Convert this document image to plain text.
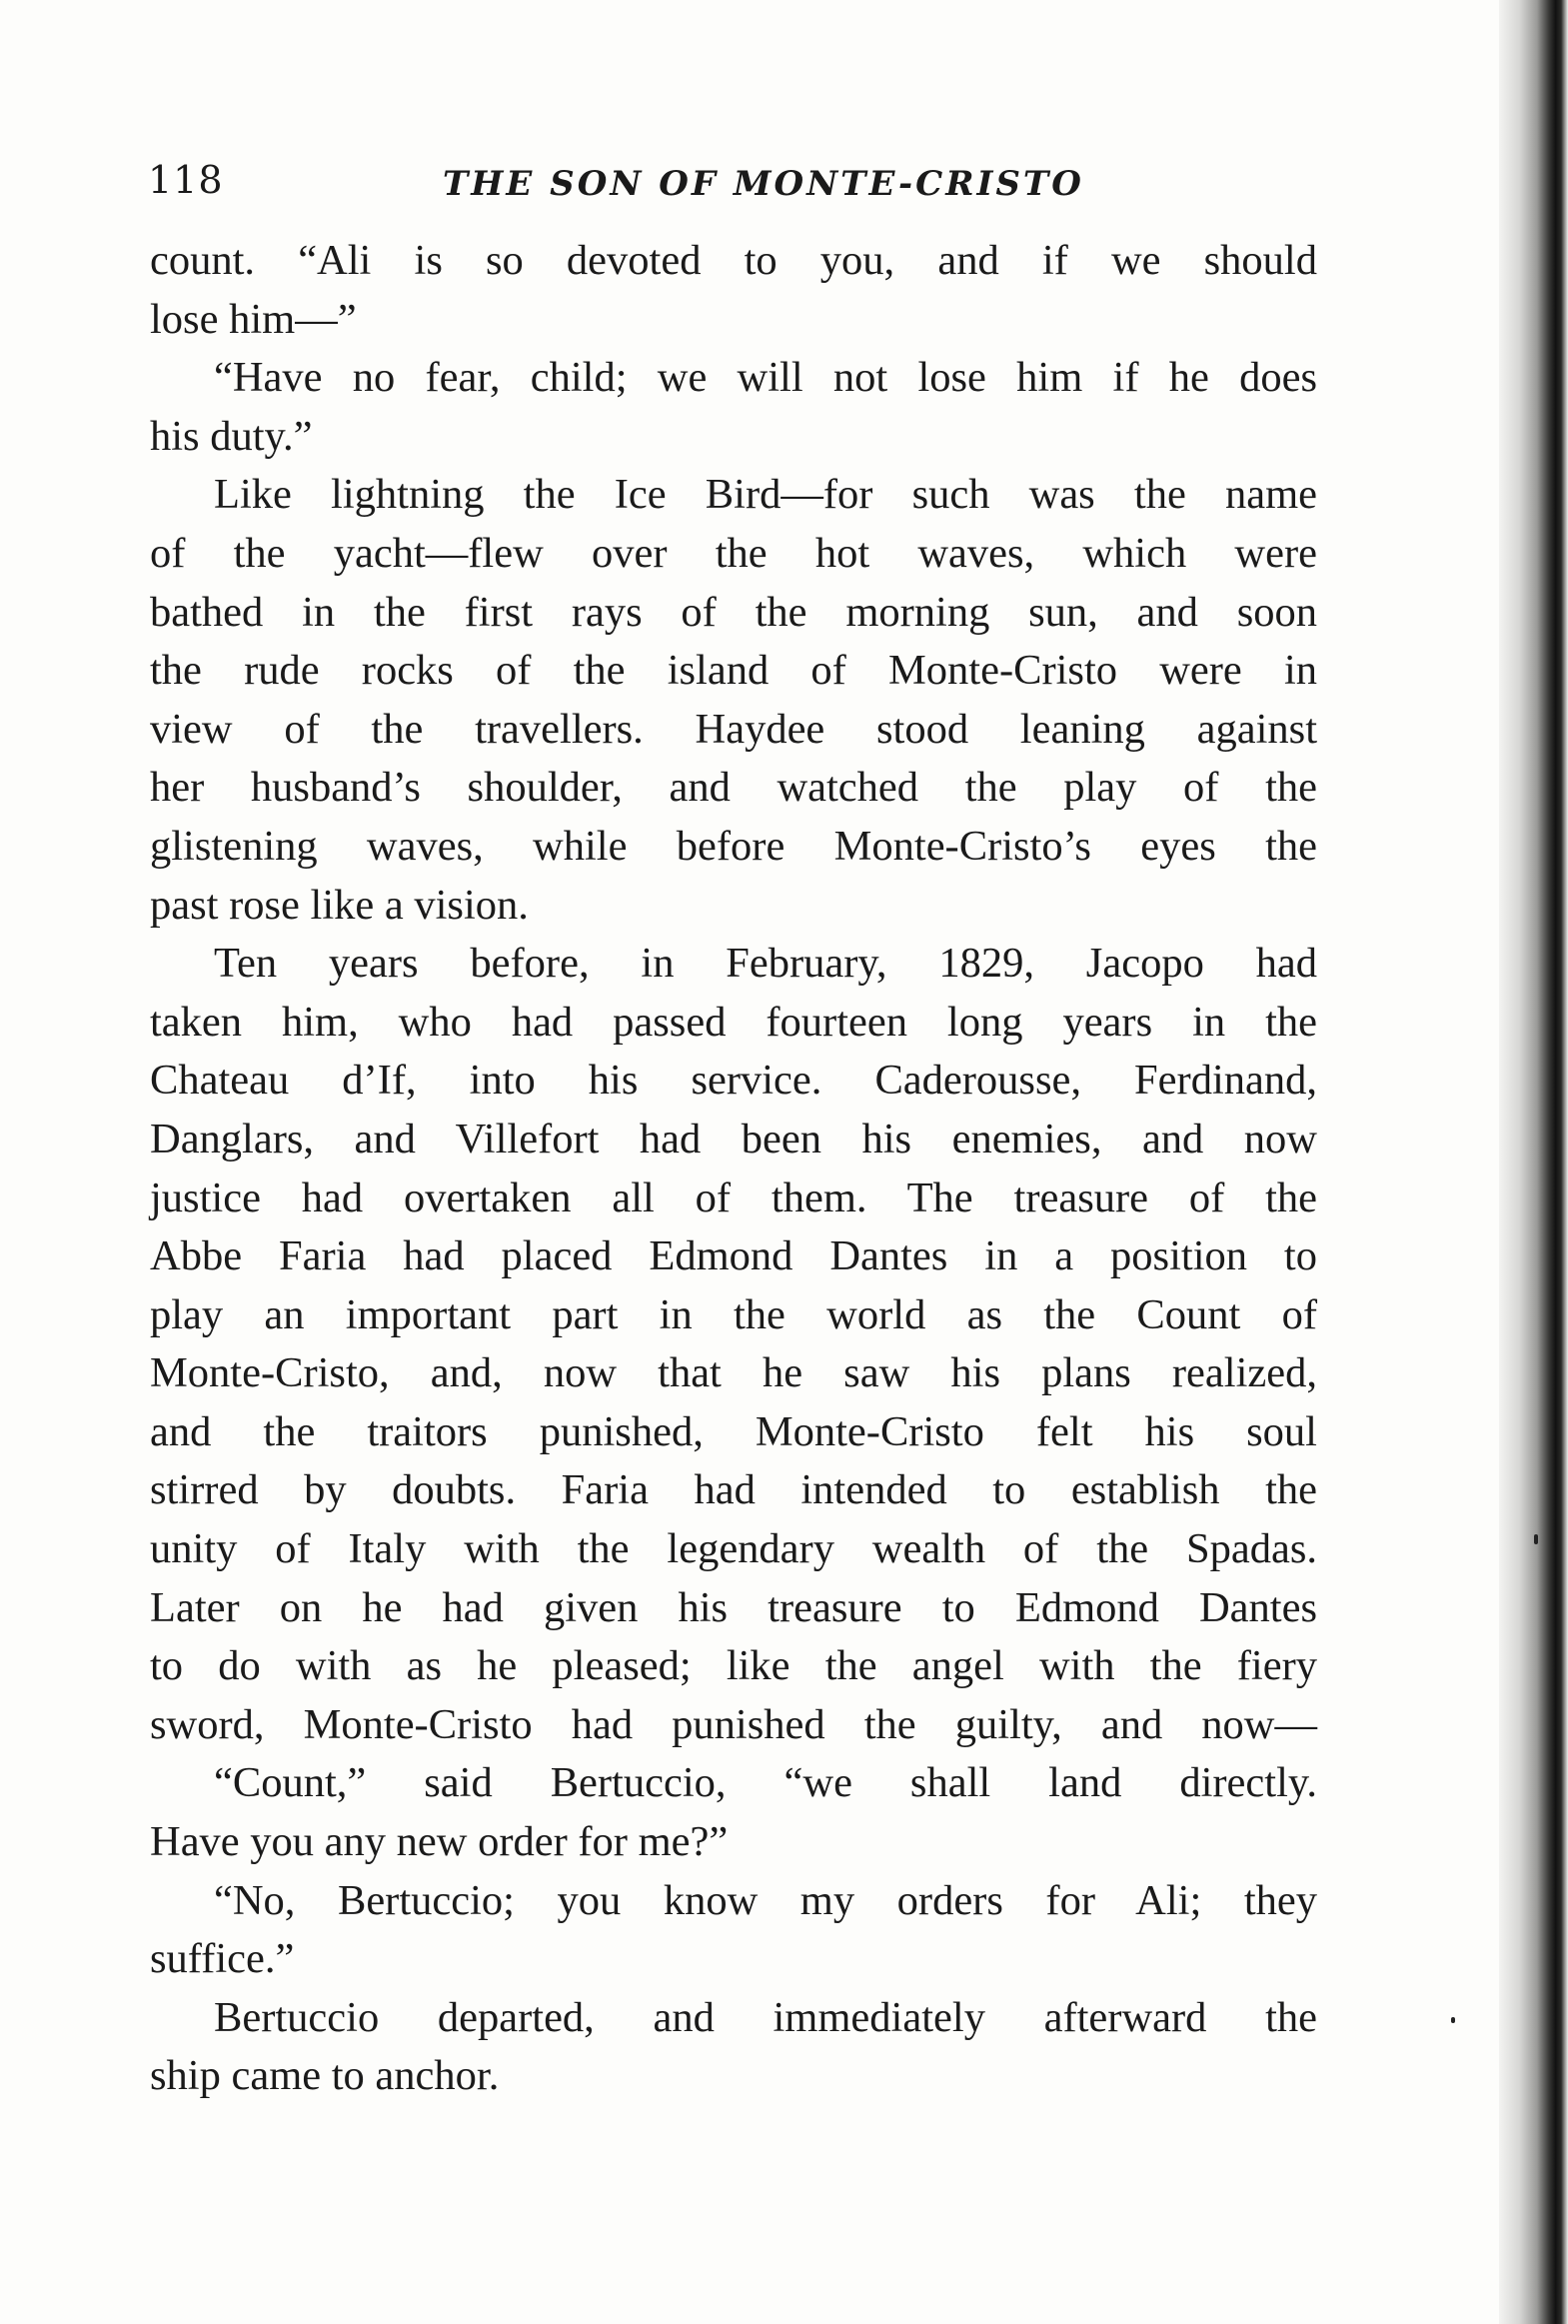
118	THE SON OF MONTE-CRISTO
count. “Ali is so devoted to you, and if we should
lose him—”
“Have no fear, child; we will not lose him if he does
his duty.”
Like lightning the Ice Bird—for such was the name
of the yacht—flew over the hot waves, which were
bathed in the first rays of the morning sun, and soon
the rude rocks of the island of Monte-Cristo were in
view of the travellers. Haydee stood leaning against
her husband’s shoulder, and watched the play of the
glistening waves, while before Monte-Cristo’s eyes the
past rose like a vision.
Ten years before, in February, 1829, Jacopo had
taken him, who had passed fourteen long years in the
Chateau d’If, into his service. Caderousse, Ferdinand,
Danglars, and Villefort had been his enemies, and now
justice had overtaken all of them. The treasure of the
Abbe Faria had placed Edmond Dantes in a position to
play an important part in the world as the Count of
Monte-Cristo, and, now that he saw his plans realized,
and the traitors punished, Monte-Cristo felt his soul
stirred by doubts. Faria had intended to establish the
unity of Italy with the legendary wealth of the Spadas.
Later on he had given his treasure to Edmond Dantes
to do with as he pleased; like the angel with the fiery
sword, Monte-Cristo had punished the guilty, and now—
“Count,” said Bertuccio, “we shall land directly.
Have you any new order for me?”
“No, Bertuccio; you know my orders for Ali; they
suffice.”
Bertuccio departed, and immediately afterward the
ship came to anchor.
